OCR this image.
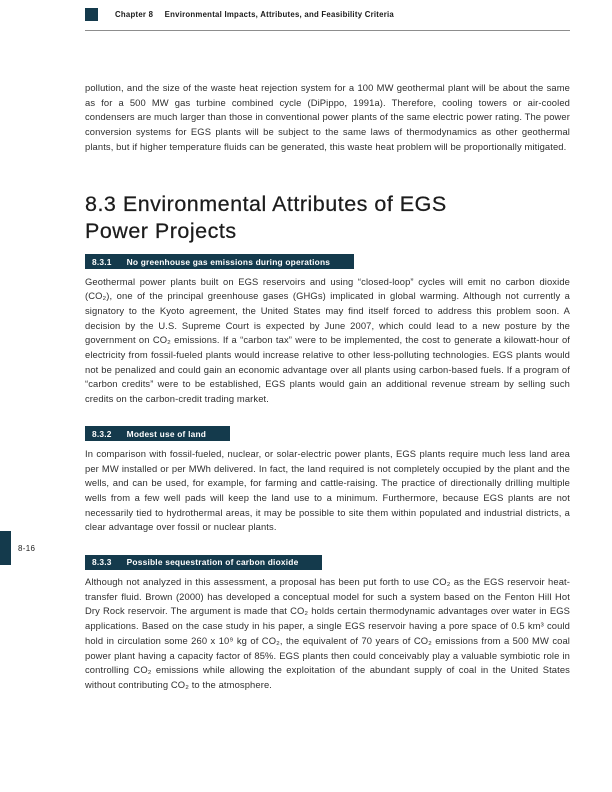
Chapter 8 Environmental Impacts, Attributes, and Feasibility Criteria

pollution, and the size of the waste heat rejection system for a 100 MW geothermal plant will be about the same as for a 500 MW gas turbine combined cycle (DiPippo, 1991a). Therefore, cooling towers or air-cooled condensers are much larger than those in conventional power plants of the same electric power rating. The power conversion systems for EGS plants will be subject to the same laws of thermodynamics as other geothermal plants, but if higher temperature fluids can be generated, this waste heat problem will be proportionally mitigated.

8.3 Environmental Attributes of EGS
Power Projects
8.3.1 No greenhouse gas emissions during operations

Geothermal power plants built on EGS reservoirs and using “closed-loop” cycles will emit no carbon dioxide (CO₂), one of the principal greenhouse gases (GHGs) implicated in global warming. Although not currently a signatory to the Kyoto agreement, the United States may find itself forced to address this problem soon. A decision by the U.S. Supreme Court is expected by June 2007, which could lead to a new posture by the government on CO₂ emissions. If a “carbon tax” were to be implemented, the cost to generate a kilowatt-hour of electricity from fossil-fueled plants would increase relative to other less-polluting technologies. EGS plants would not be penalized and could gain an economic advantage over all plants using carbon-based fuels. If a program of “carbon credits” were to be established, EGS plants would gain an additional revenue stream by selling such credits on the carbon-credit trading market.

8.3.2 Modest use of land

In comparison with fossil-fueled, nuclear, or solar-electric power plants, EGS plants require much less land area per MW installed or per MWh delivered. In fact, the land required is not completely occupied by the plant and the wells, and can be used, for example, for farming and cattle-raising. The practice of directionally drilling multiple wells from a few well pads will keep the land use to a minimum. Furthermore, because EGS plants are not necessarily tied to hydrothermal areas, it may be possible to site them within populated and industrial districts, a clear advantage over fossil or nuclear plants.

8.3.3 Possible sequestration of carbon dioxide

Although not analyzed in this assessment, a proposal has been put forth to use CO₂ as the EGS reservoir heat-transfer fluid. Brown (2000) has developed a conceptual model for such a system based on the Fenton Hill Hot Dry Rock reservoir. The argument is made that CO₂ holds certain thermodynamic advantages over water in EGS applications. Based on the case study in his paper, a single EGS reservoir having a pore space of 0.5 km³ could hold in circulation some 260 x 10⁹ kg of CO₂, the equivalent of 70 years of CO₂ emissions from a 500 MW coal power plant having a capacity factor of 85%. EGS plants then could conceivably play a valuable symbiotic role in controlling CO₂ emissions while allowing the exploitation of the abundant supply of coal in the United States without contributing CO₂ to the atmosphere.

8-16
